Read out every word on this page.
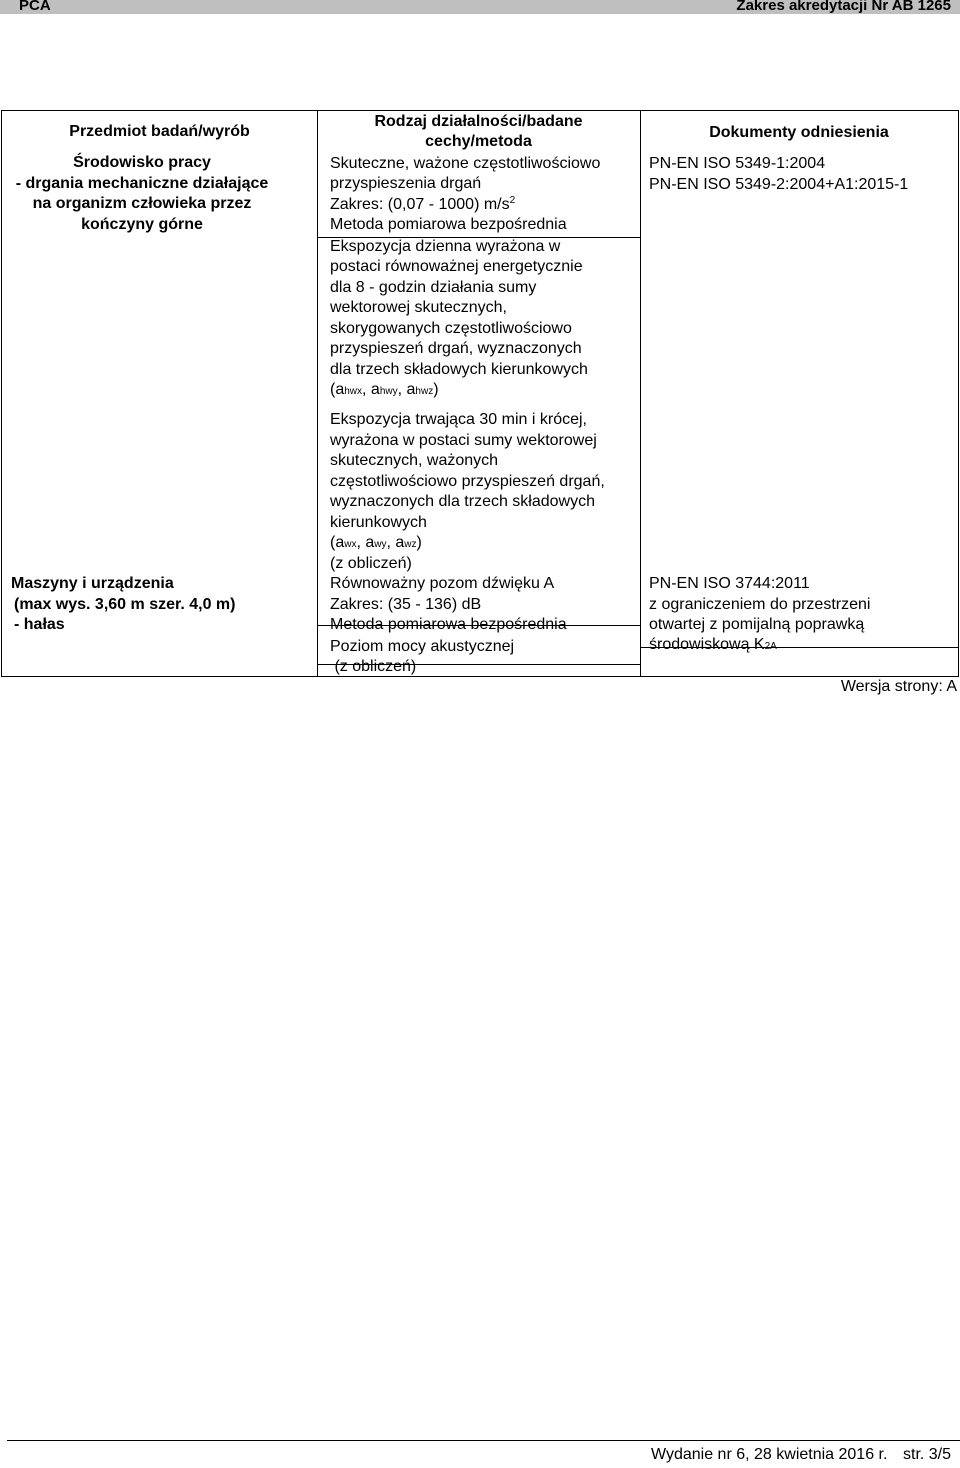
PCA	Zakres akredytacji Nr AB 1265

Przedmiot badań/wyrób

Rodzaj działalności/badane

cechy/metoda

Dokumenty odniesienia

Środowisko pracy

- drgania mechaniczne działające

na organizm człowieka przez

kończyny górne

Skuteczne, ważone częstotliwościowo

przyspieszenia drgań

Zakres: (0,07 - 1000) $m/s^2$

Metoda pomiarowa bezpośrednia

Ekspozycja dzienna wyrażona w

postaci równoważnej energetycznie

dla 8 - godzin działania sumy

wektorowej skutecznych,

skorygowanych częstotliwościowo

przyspieszeń drgań, wyznaczonych

dla trzech składowych kierunkowych

(ahwx, ahwy, ahwz)

Ekspozycja trwająca 30 min i krócej,

wyrażona w postaci sumy wektorowej

skutecznych, ważonych

częstotliwościowo przyspieszeń drgań,

wyznaczonych dla trzech składowych

kierunkowych

(awx, awy, awz)

(z obliczeń)

PN-EN ISO 5349-1:2004

PN-EN ISO 5349-2:2004+A1:2015-1

Maszyny i urządzenia

(max wys. 3,60 m szer. 4,0 m)

- hałas

Równoważny pozom dźwięku A

Zakres: (35 - 136) dB

Metoda pomiarowa bezpośrednia

Poziom mocy akustycznej

(z obliczeń)

PN-EN ISO 3744:2011

z ograniczeniem do przestrzeni

otwartej z pomijalną poprawką

środowiskową K2A

Wersja strony: A
Wydanie nr 6, 28 kwietnia 2016 r. str. 3/5
